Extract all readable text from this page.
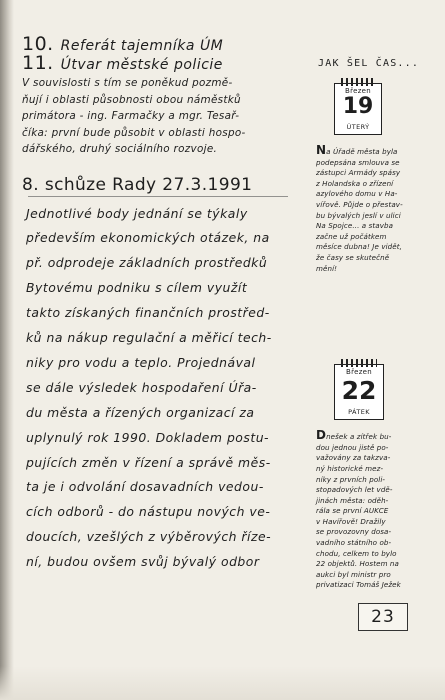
10. Referát tajemníka ÚM
11. Útvar městské policie
V souvislosti s tím se poněkud pozmě-
ňují i oblasti působnosti obou náměstků
primátora - ing. Farmačky a mgr. Tesař-
číka: první bude působit v oblasti hospo-
dářského, druhý sociálního rozvoje.
8. schůze Rady 27.3.1991
Jednotlivé body jednání se týkaly
především ekonomických otázek, na
př. odprodeje základních prostředků
Bytovému podniku s cílem využít
takto získaných finančních prostřed-
ků na nákup regulační a měřicí tech-
niky pro vodu a teplo. Projednával
se dále výsledek hospodaření Úřa-
du města a řízených organizací za
uplynulý rok 1990. Dokladem postu-
pujících změn v řízení a správě měs-
ta je i odvolání dosavadních vedou-
cích odborů - do nástupu nových ve-
doucích, vzešlých z výběrových říze-
ní, budou ovšem svůj bývalý odbor
JAK ŠEL ČAS...
Březen
19
ÚTERÝ
Na Úřadě města byla
podepsána smlouva se
zástupci Armády spásy
z Holandska o zřízení
azylového domu v Ha-
vířově. Půjde o přestav-
bu bývalých jeslí v ulici
Na Spojce... a stavba
začne už počátkem
měsíce dubna! Je vidět,
že časy se skutečně
mění!
Březen
22
PÁTEK
Dnešek a zítřek bu-
dou jednou jistě po-
važovány za takzva-
ný historické mez-
níky z prvních poli-
stopadových let vdě-
jinách města: oděh-
rála se první AUKCE
v Havířově! Dražily
se provozovny dosa-
vadního státního ob-
chodu, celkem to bylo
22 objektů. Hostem na
aukci byl ministr pro
privatizaci Tomáš Ježek
23
